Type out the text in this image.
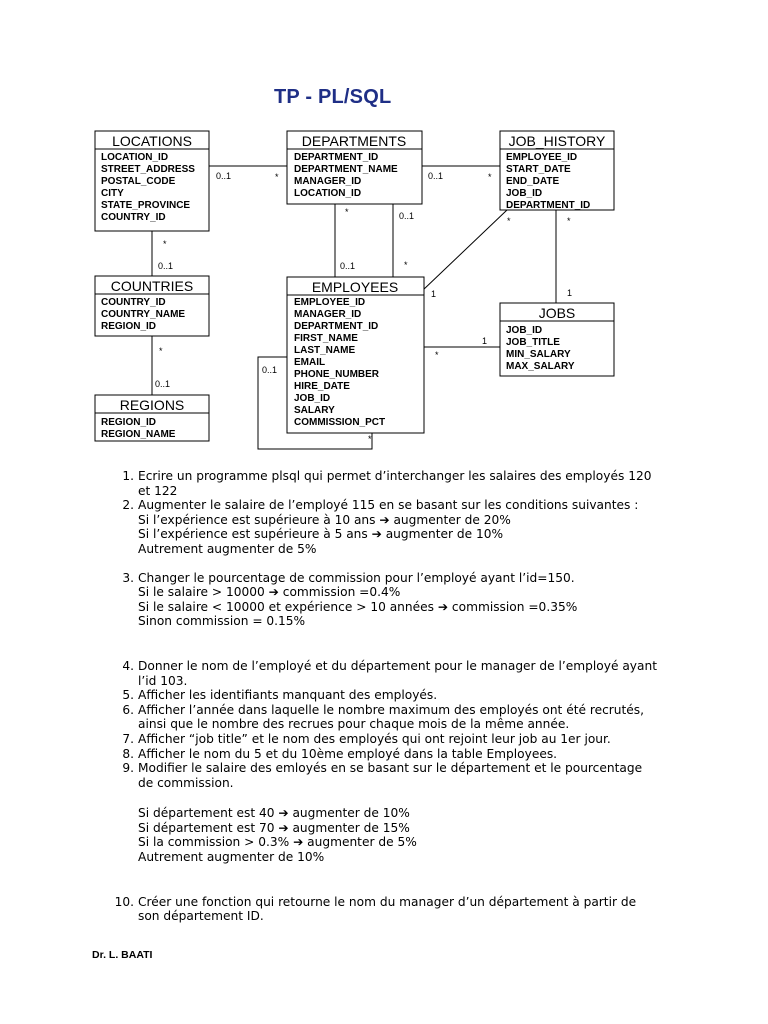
TP - PL/SQL
LOCATIONS	DEPARTMENTS	JOB_HISTORY
COUNTRIES	EMPLOYEES
JOBS
REGIONS
LOCATION_ID
STREET_ADDRESS
POSTAL_CODE
CITY
STATE_PROVINCE
COUNTRY_ID
DEPARTMENT_ID
DEPARTMENT_NAME
MANAGER_ID
LOCATION_ID
EMPLOYEE_ID
START_DATE
END_DATE
JOB_ID
DEPARTMENT_ID
COUNTRY_ID
COUNTRY_NAME
REGION_ID
EMPLOYEE_ID
MANAGER_ID
DEPARTMENT_ID
FIRST_NAME
LAST_NAME
EMAIL
PHONE_NUMBER
HIRE_DATE
JOB_ID
SALARY
COMMISSION_PCT
JOB_ID
JOB_TITLE
MIN_SALARY
MAX_SALARY
REGION_ID
REGION_NAME
0..1	*	0..1	*
*
0..1
*
0..1
*
0..1
0..1
*
*
1
*
1
1
*
0..1
*
1. Ecrire un programme plsql qui permet d’interchanger les salaires des employés 120
et 122
2. Augmenter le salaire de l’employé 115 en se basant sur les conditions suivantes :
Si l’expérience est supérieure à 10 ans ➔ augmenter de 20%
Si l’expérience est supérieure à 5 ans ➔ augmenter de 10%
Autrement augmenter de 5%
3. Changer le pourcentage de commission pour l’employé ayant l’id=150.
Si le salaire > 10000 ➔ commission =0.4%
Si le salaire < 10000 et expérience > 10 années ➔ commission =0.35%
Sinon commission = 0.15%
4. Donner le nom de l’employé et du département pour le manager de l’employé ayant
l’id 103.
5. Afficher les identifiants manquant des employés.
6. Afficher l’année dans laquelle le nombre maximum des employés ont été recrutés,
ainsi que le nombre des recrues pour chaque mois de la même année.
7. Afficher “job title” et le nom des employés qui ont rejoint leur job au 1er jour.
8. Afficher le nom du 5 et du 10ème employé dans la table Employees.
9. Modifier le salaire des emloyés en se basant sur le département et le pourcentage
de commission.
Si département est 40 ➔ augmenter de 10%
Si département est 70 ➔ augmenter de 15%
Si la commission > 0.3% ➔ augmenter de 5%
Autrement augmenter de 10%
10. Créer une fonction qui retourne le nom du manager d’un département à partir de
son département ID.
Dr. L. BAATI
